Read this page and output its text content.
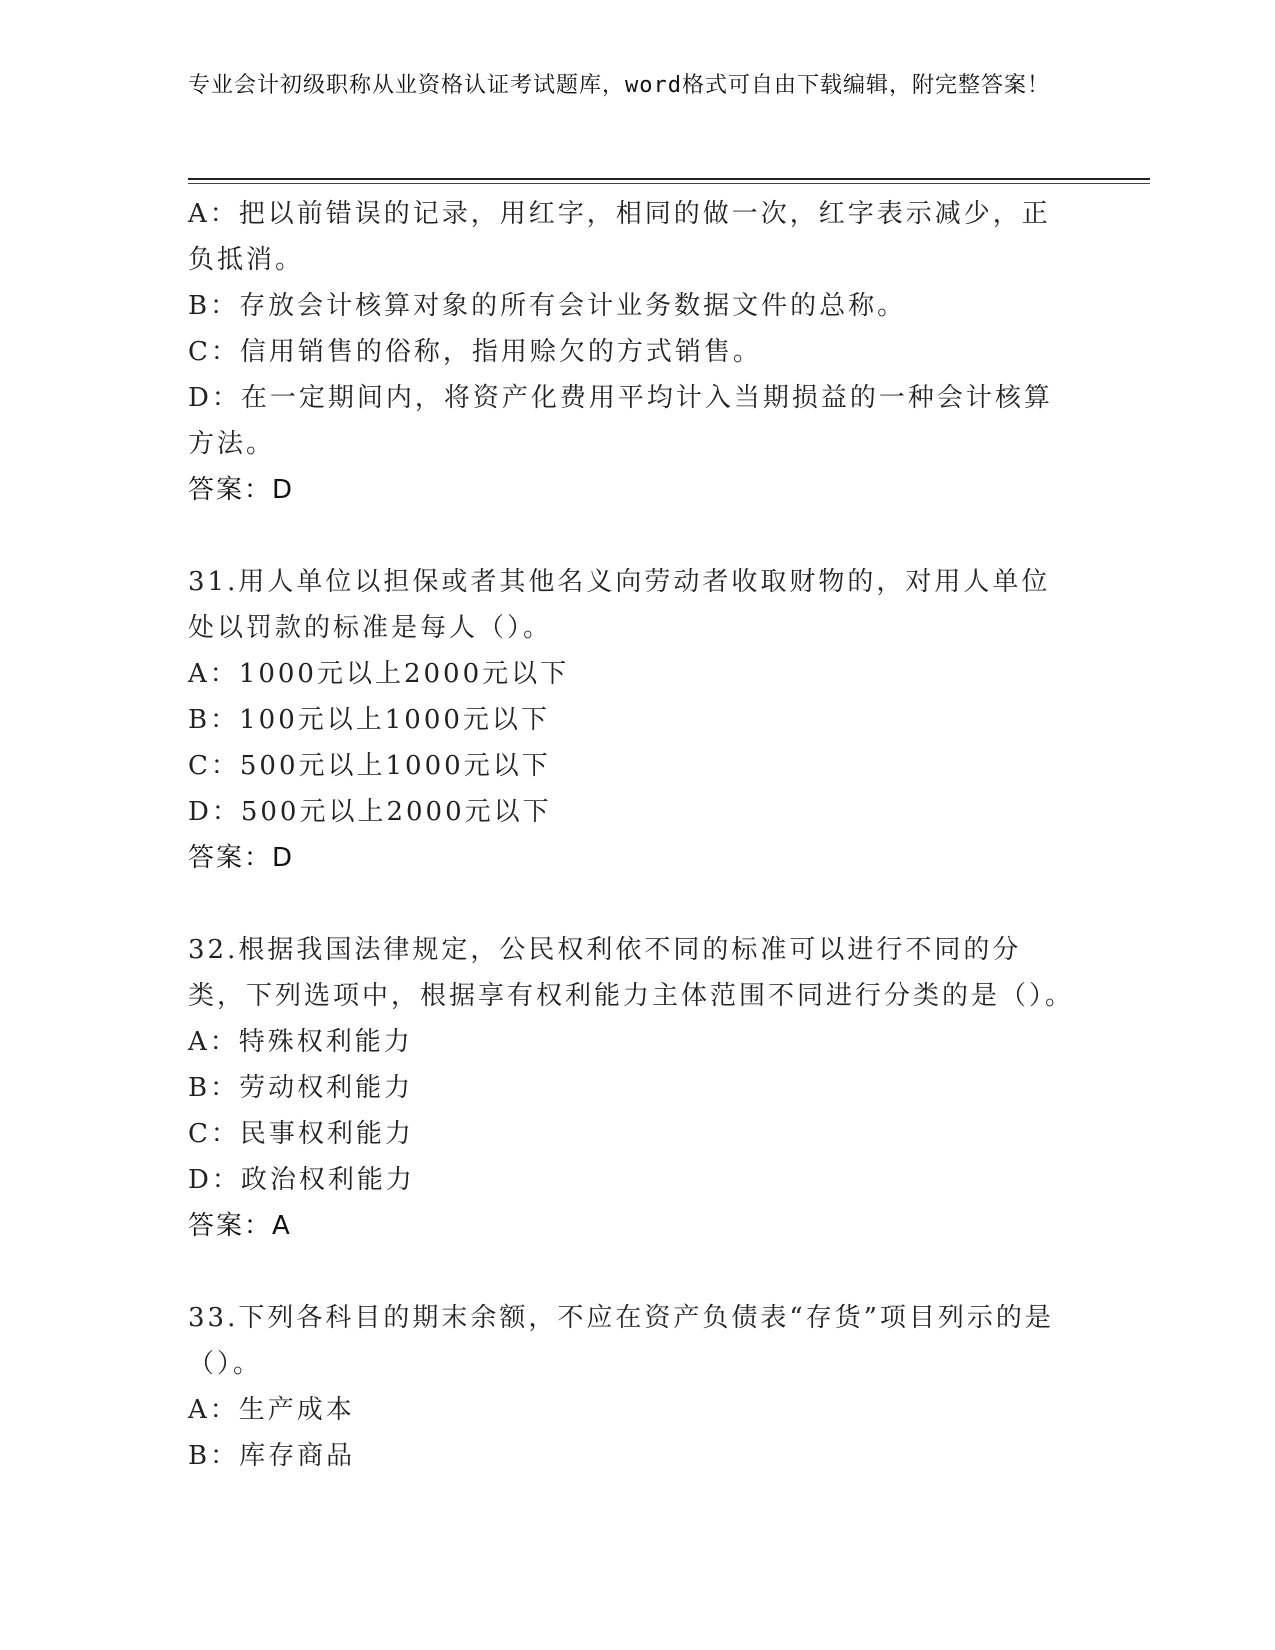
专业会计初级职称从业资格认证考试题库，word格式可自由下载编辑，附完整答案！

A：把以前错误的记录，用红字，相同的做一次，红字表示减少，正负抵消。

B：存放会计核算对象的所有会计业务数据文件的总称。

C：信用销售的俗称，指用赊欠的方式销售。

D：在一定期间内，将资产化费用平均计入当期损益的一种会计核算方法。

答案：D

31.用人单位以担保或者其他名义向劳动者收取财物的，对用人单位处以罚款的标准是每人（）。

A：1000元以上2000元以下

B：100元以上1000元以下

C：500元以上1000元以下

D：500元以上2000元以下

答案：D

32.根据我国法律规定，公民权利依不同的标准可以进行不同的分类，下列选项中，根据享有权利能力主体范围不同进行分类的是（）。

A：特殊权利能力

B：劳动权利能力

C：民事权利能力

D：政治权利能力

答案：A

33.下列各科目的期末余额，不应在资产负债表“存货”项目列示的是（）。

A：生产成本

B：库存商品
